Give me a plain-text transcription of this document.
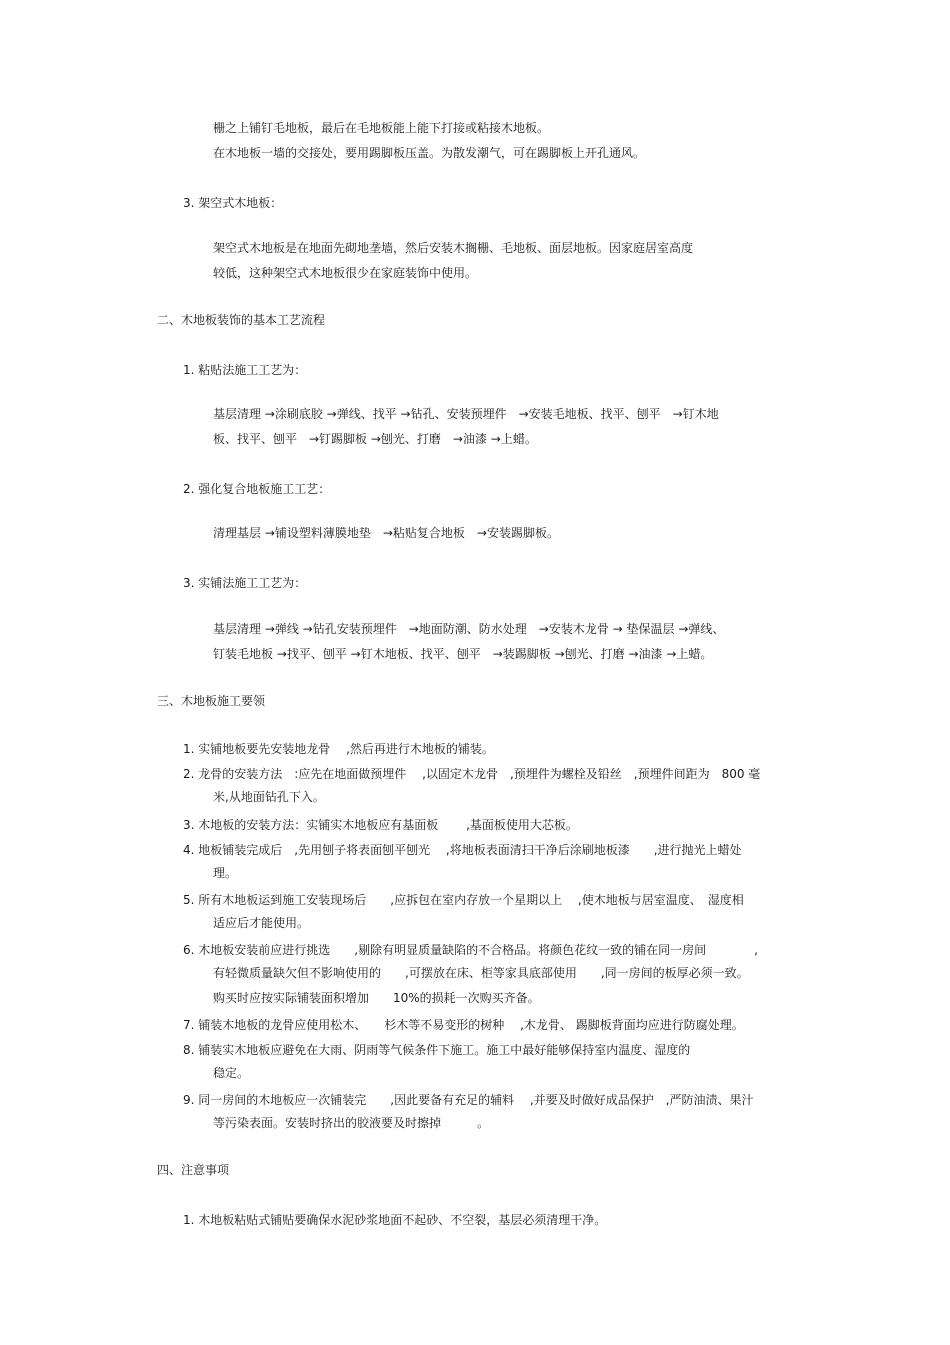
栅之上铺钉毛地板，最后在毛地板能上能下打接或粘接木地板。
在木地板一墙的交接处，要用踢脚板压盖。为散发潮气，可在踢脚板上开孔通风。
3. 架空式木地板：
架空式木地板是在地面先砌地垄墙，然后安装木搁栅、毛地板、面层地板。因家庭居室高度
较低，这种架空式木地板很少在家庭装饰中使用。
二、木地板装饰的基本工艺流程
1. 粘贴法施工工艺为：
基层清理 →涂刷底胶 →弹线、找平 →钻孔、安装预埋件　→安装毛地板、找平、刨平　→钉木地
板、找平、刨平　→钉踢脚板 →刨光、打磨　→油漆 →上蜡。
2. 强化复合地板施工工艺：
清理基层 →铺设塑料薄膜地垫　→粘贴复合地板　→安装踢脚板。
3. 实铺法施工工艺为：
基层清理 →弹线 →钻孔安装预埋件　→地面防潮、防水处理　→安装木龙骨 → 垫保温层 →弹线、
钉装毛地板 →找平、刨平 →钉木地板、找平、刨平　→装踢脚板 →刨光、打磨 →油漆 →上蜡。
三、木地板施工要领
1. 实铺地板要先安装地龙骨　 ,然后再进行木地板的铺装。
2. 龙骨的安装方法　:应先在地面做预埋件　 ,以固定木龙骨　,预埋件为螺栓及铅丝　,预埋件间距为　800 毫
米,从地面钻孔下入。
3. 木地板的安装方法：实铺实木地板应有基面板　　 ,基面板使用大芯板。
4. 地板铺装完成后　,先用刨子将表面刨平刨光　 ,将地板表面清扫干净后涂刷地板漆　　,进行抛光上蜡处
理。
5. 所有木地板运到施工安装现场后　　,应拆包在室内存放一个星期以上　 ,使木地板与居室温度、　湿度相
适应后才能使用。
6. 木地板安装前应进行挑选　　,剔除有明显质量缺陷的不合格品。将颜色花纹一致的铺在同一房间　　　　,
有轻微质量缺欠但不影响使用的　　,可摆放在床、柜等家具底部使用　　,同一房间的板厚必须一致。
购买时应按实际铺装面积增加　　10%的损耗一次购买齐备。
7. 铺装木地板的龙骨应使用松木、　　杉木等不易变形的树种　 ,木龙骨、 踢脚板背面均应进行防腐处理。
8. 铺装实木地板应避免在大雨、阴雨等气候条件下施工。施工中最好能够保持室内温度、湿度的
稳定。
9. 同一房间的木地板应一次铺装完　　,因此要备有充足的辅料　 ,并要及时做好成品保护　,严防油渍、果汁
等污染表面。安装时挤出的胶液要及时擦掉　　　。
四、注意事项
1. 木地板粘贴式铺贴要确保水泥砂浆地面不起砂、不空裂，基层必须清理干净。
